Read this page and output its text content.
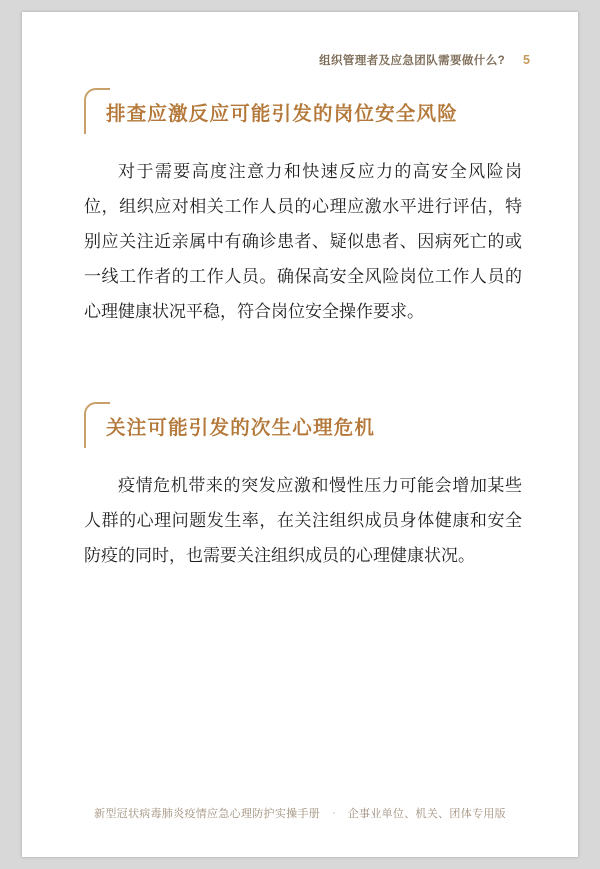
组织管理者及应急团队需要做什么? 5
排查应激反应可能引发的岗位安全风险

对于需要高度注意力和快速反应力的高安全风险岗位，组织应对相关工作人员的心理应激水平进行评估，特别应关注近亲属中有确诊患者、疑似患者、因病死亡的或一线工作者的工作人员。确保高安全风险岗位工作人员的心理健康状况平稳，符合岗位安全操作要求。

关注可能引发的次生心理危机

疫情危机带来的突发应激和慢性压力可能会增加某些人群的心理问题发生率，在关注组织成员身体健康和安全防疫的同时，也需要关注组织成员的心理健康状况。

新型冠状病毒肺炎疫情应急心理防护实操手册 · 企事业单位、机关、团体专用版
